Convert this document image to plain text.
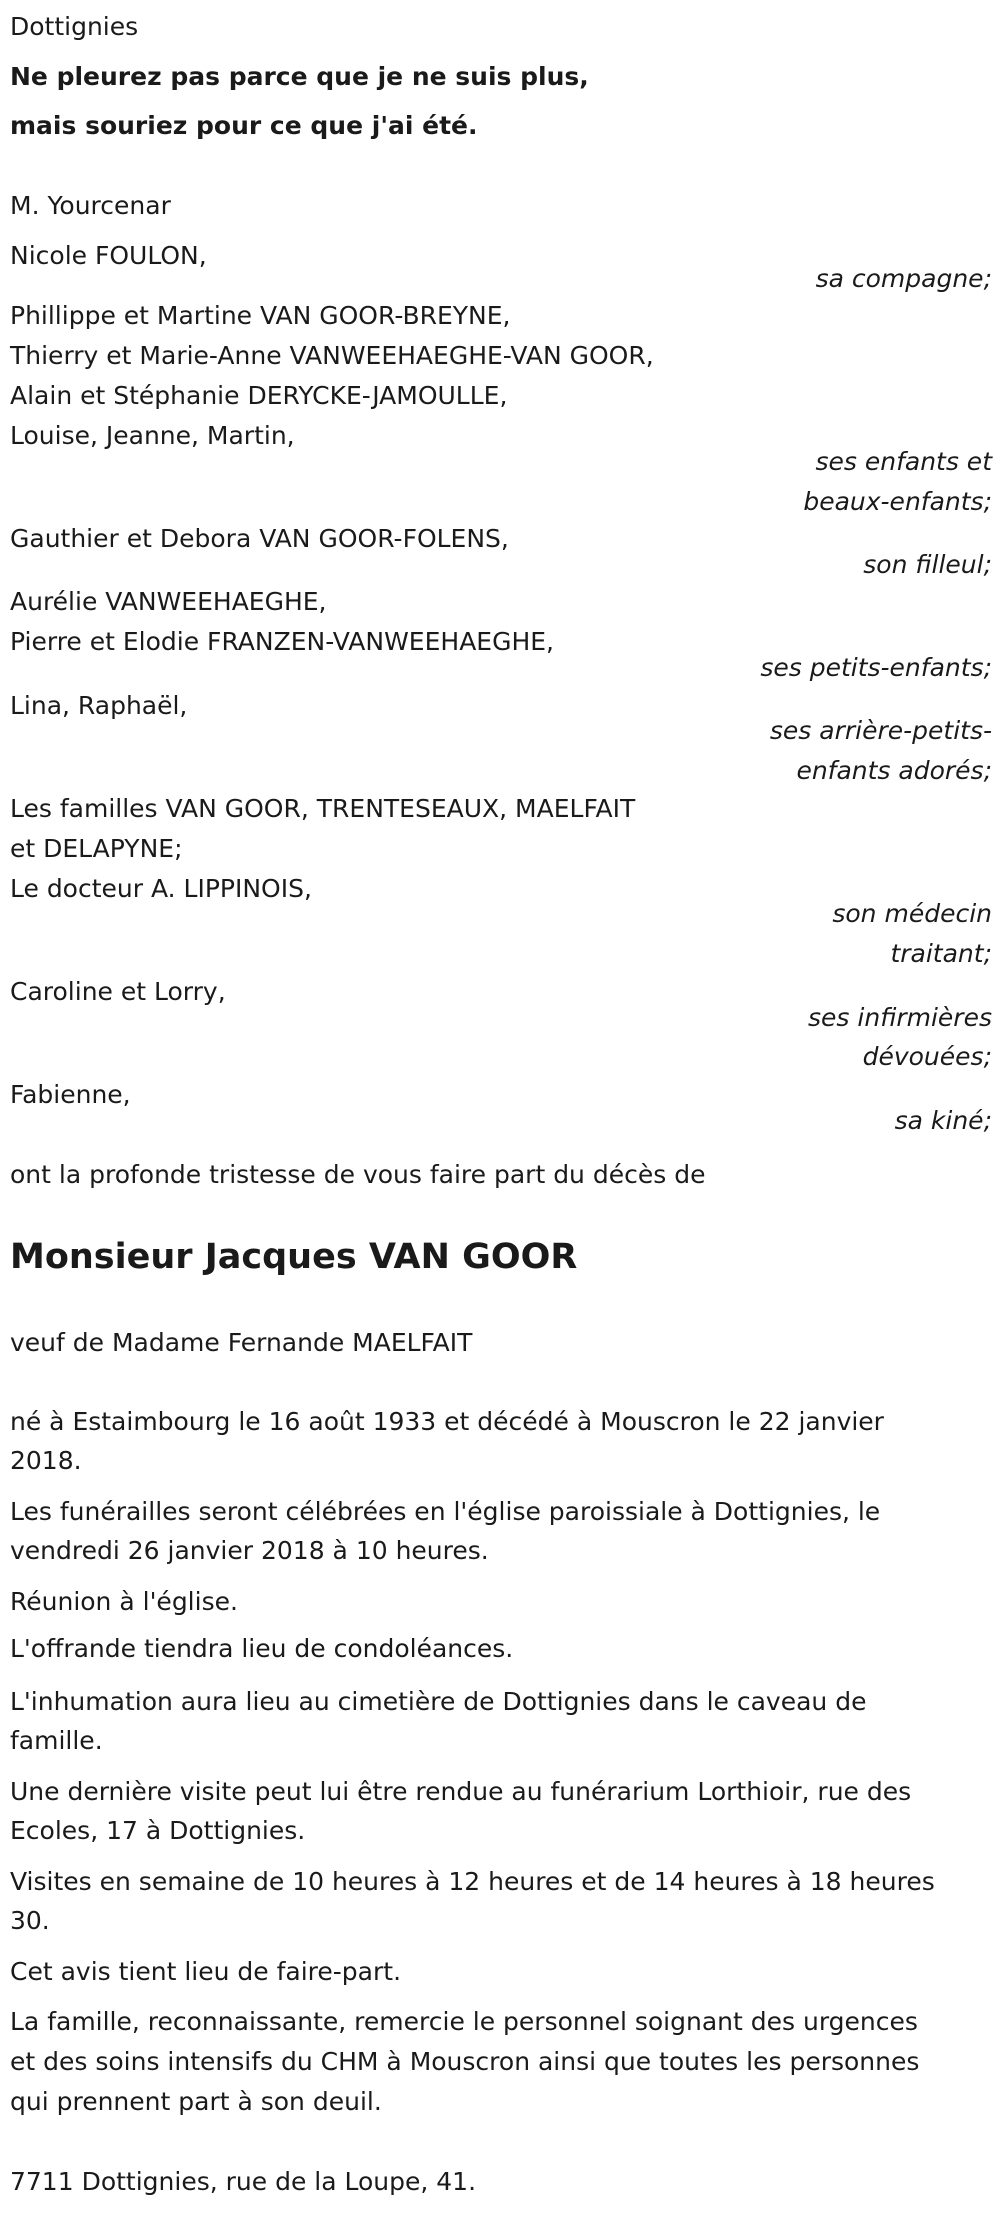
Dottignies
Ne pleurez pas parce que je ne suis plus,
mais souriez pour ce que j'ai été.
M. Yourcenar
Nicole FOULON,
sa compagne;
Phillippe et Martine VAN GOOR-BREYNE,
Thierry et Marie-Anne VANWEEHAEGHE-VAN GOOR,
Alain et Stéphanie DERYCKE-JAMOULLE,
Louise, Jeanne, Martin,
ses enfants et
beaux-enfants;
Gauthier et Debora VAN GOOR-FOLENS,
son filleul;
Aurélie VANWEEHAEGHE,
Pierre et Elodie FRANZEN-VANWEEHAEGHE,
ses petits-enfants;
Lina, Raphaël,
ses arrière-petits-
enfants adorés;
Les familles VAN GOOR, TRENTESEAUX, MAELFAIT
et DELAPYNE;
Le docteur A. LIPPINOIS,
son médecin
traitant;
Caroline et Lorry,
ses infirmières
dévouées;
Fabienne,
sa kiné;
ont la profonde tristesse de vous faire part du décès de
Monsieur Jacques VAN GOOR
veuf de Madame Fernande MAELFAIT
né à Estaimbourg le 16 août 1933 et décédé à Mouscron le 22 janvier
2018.
Les funérailles seront célébrées en l'église paroissiale à Dottignies, le
vendredi 26 janvier 2018 à 10 heures.
Réunion à l'église.
L'offrande tiendra lieu de condoléances.
L'inhumation aura lieu au cimetière de Dottignies dans le caveau de
famille.
Une dernière visite peut lui être rendue au funérarium Lorthioir, rue des
Ecoles, 17 à Dottignies.
Visites en semaine de 10 heures à 12 heures et de 14 heures à 18 heures
30.
Cet avis tient lieu de faire-part.
La famille, reconnaissante, remercie le personnel soignant des urgences
et des soins intensifs du CHM à Mouscron ainsi que toutes les personnes
qui prennent part à son deuil.
7711 Dottignies, rue de la Loupe, 41.
